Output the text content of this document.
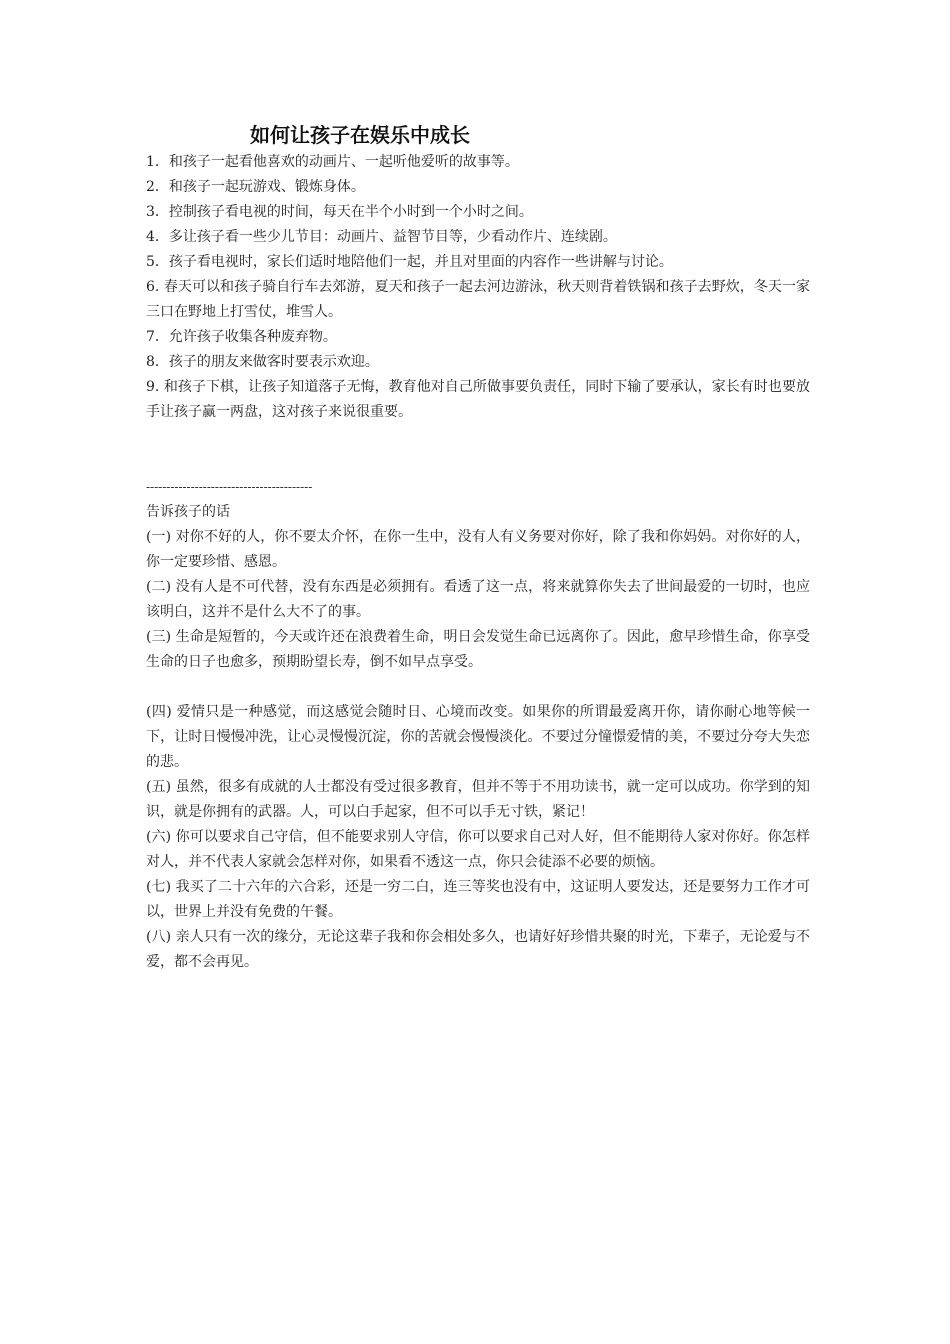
如何让孩子在娱乐中成长

1．和孩子一起看他喜欢的动画片、一起听他爱听的故事等。

2．和孩子一起玩游戏、锻炼身体。

3．控制孩子看电视的时间，每天在半个小时到一个小时之间。

4．多让孩子看一些少儿节目：动画片、益智节目等，少看动作片、连续剧。

5．孩子看电视时，家长们适时地陪他们一起，并且对里面的内容作一些讲解与讨论。

6. 春天可以和孩子骑自行车去郊游，夏天和孩子一起去河边游泳，秋天则背着铁锅和孩子去野炊，冬天一家三口在野地上打雪仗，堆雪人。

7．允许孩子收集各种废弃物。

8．孩子的朋友来做客时要表示欢迎。

9. 和孩子下棋，让孩子知道落子无悔，教育他对自己所做事要负责任，同时下输了要承认，家长有时也要放手让孩子赢一两盘，这对孩子来说很重要。

-----------------------------------------

告诉孩子的话

(一) 对你不好的人，你不要太介怀，在你一生中，没有人有义务要对你好，除了我和你妈妈。对你好的人，你一定要珍惜、感恩。

(二) 没有人是不可代替，没有东西是必须拥有。看透了这一点，将来就算你失去了世间最爱的一切时，也应该明白，这并不是什么大不了的事。

(三) 生命是短暂的，今天或许还在浪费着生命，明日会发觉生命已远离你了。因此，愈早珍惜生命，你享受生命的日子也愈多，预期盼望长寿，倒不如早点享受。

(四) 爱情只是一种感觉，而这感觉会随时日、心境而改变。如果你的所谓最爱离开你，请你耐心地等候一下，让时日慢慢冲洗，让心灵慢慢沉淀，你的苦就会慢慢淡化。不要过分憧憬爱情的美，不要过分夸大失恋的悲。

(五) 虽然，很多有成就的人士都没有受过很多教育，但并不等于不用功读书，就一定可以成功。你学到的知识，就是你拥有的武器。人，可以白手起家，但不可以手无寸铁，紧记！

(六) 你可以要求自己守信，但不能要求别人守信，你可以要求自己对人好，但不能期待人家对你好。你怎样对人，并不代表人家就会怎样对你，如果看不透这一点，你只会徒添不必要的烦恼。

(七) 我买了二十六年的六合彩，还是一穷二白，连三等奖也没有中，这证明人要发达，还是要努力工作才可以，世界上并没有免费的午餐。

(八) 亲人只有一次的缘分，无论这辈子我和你会相处多久，也请好好珍惜共聚的时光，下辈子，无论爱与不爱，都不会再见。
